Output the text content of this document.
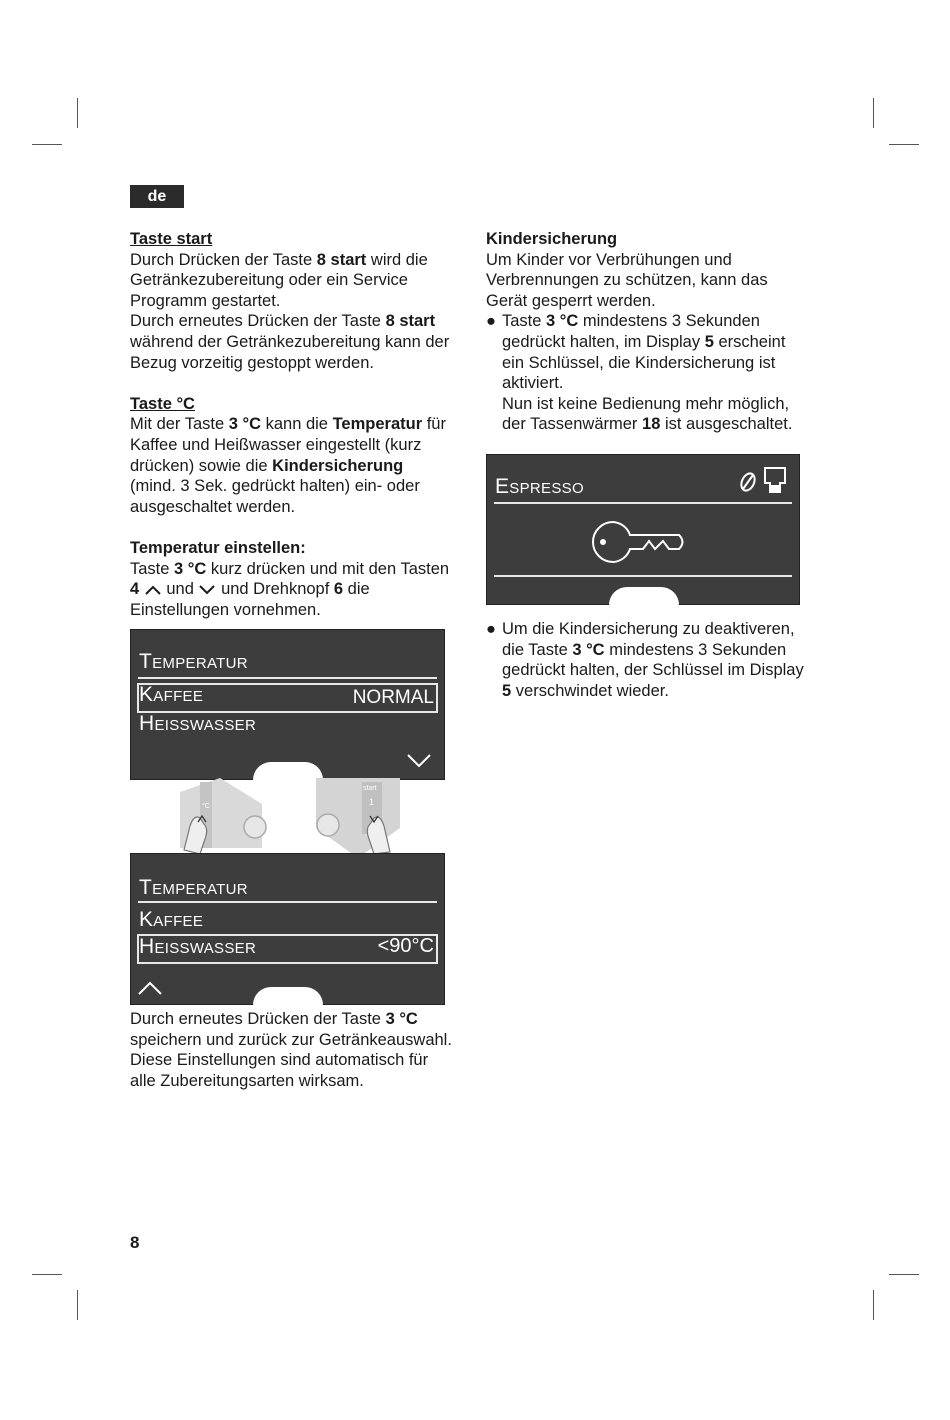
de

Taste start

Durch Drücken der Taste 8 start wird die

Getränkezubereitung oder ein Service

Programm gestartet.

Durch erneutes Drücken der Taste 8 start

während der Getränkezubereitung kann der

Bezug vorzeitig gestoppt werden.

Taste °C

Mit der Taste 3 °C kann die Temperatur für

Kaffee und Heißwasser eingestellt (kurz

drücken) sowie die Kindersicherung

(mind. 3 Sek. gedrückt halten) ein- oder

ausgeschaltet werden.

Temperatur einstellen:

Taste 3 °C kurz drücken und mit den Tasten

4  und  und Drehknopf 6 die

Einstellungen vornehmen.

Temperatur
Kaffee	NORMAL
Heisswasser
°C
start
1
Temperatur
Kaffee
Heisswasser	<90°C

Durch erneutes Drücken der Taste 3 °C

speichern und zurück zur Getränkeauswahl.

Diese Einstellungen sind automatisch für

alle Zubereitungsarten wirksam.

Kindersicherung

Um Kinder vor Verbrühungen und

Verbrennungen zu schützen, kann das

Gerät gesperrt werden.

● Taste 3 °C mindestens 3 Sekunden

gedrückt halten, im Display 5 erscheint

ein Schlüssel, die Kindersicherung ist

aktiviert.

Nun ist keine Bedienung mehr möglich,

der Tassenwärmer 18 ist ausgeschaltet.

Espresso
● Um die Kindersicherung zu deaktiveren,

die Taste 3 °C mindestens 3 Sekunden

gedrückt halten, der Schlüssel im Display

5 verschwindet wieder.

8
